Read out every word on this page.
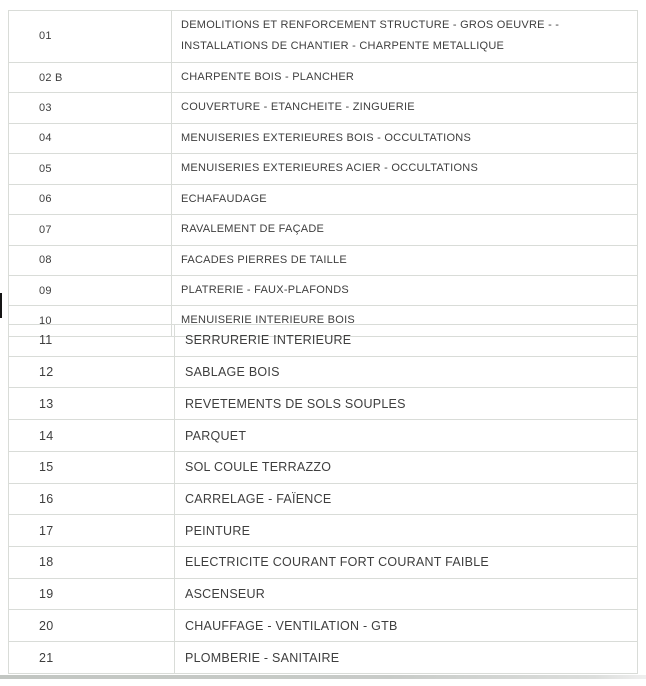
01	DEMOLITIONS ET RENFORCEMENT STRUCTURE - GROS OEUVRE - - INSTALLATIONS DE CHANTIER - CHARPENTE METALLIQUE
02 B	CHARPENTE BOIS - PLANCHER
03	COUVERTURE - ETANCHEITE - ZINGUERIE
04	MENUISERIES EXTERIEURES BOIS - OCCULTATIONS
05	MENUISERIES EXTERIEURES ACIER - OCCULTATIONS
06	ECHAFAUDAGE
07	RAVALEMENT DE FAÇADE
08	FACADES PIERRES DE TAILLE
09	PLATRERIE - FAUX-PLAFONDS
10	MENUISERIE INTERIEURE BOIS
11	SERRURERIE INTERIEURE
12	SABLAGE BOIS
13	REVETEMENTS DE SOLS SOUPLES
14	PARQUET
15	SOL COULE TERRAZZO
16	CARRELAGE - FAÏENCE
17	PEINTURE
18	ELECTRICITE COURANT FORT COURANT FAIBLE
19	ASCENSEUR
20	CHAUFFAGE - VENTILATION - GTB
21	PLOMBERIE - SANITAIRE
